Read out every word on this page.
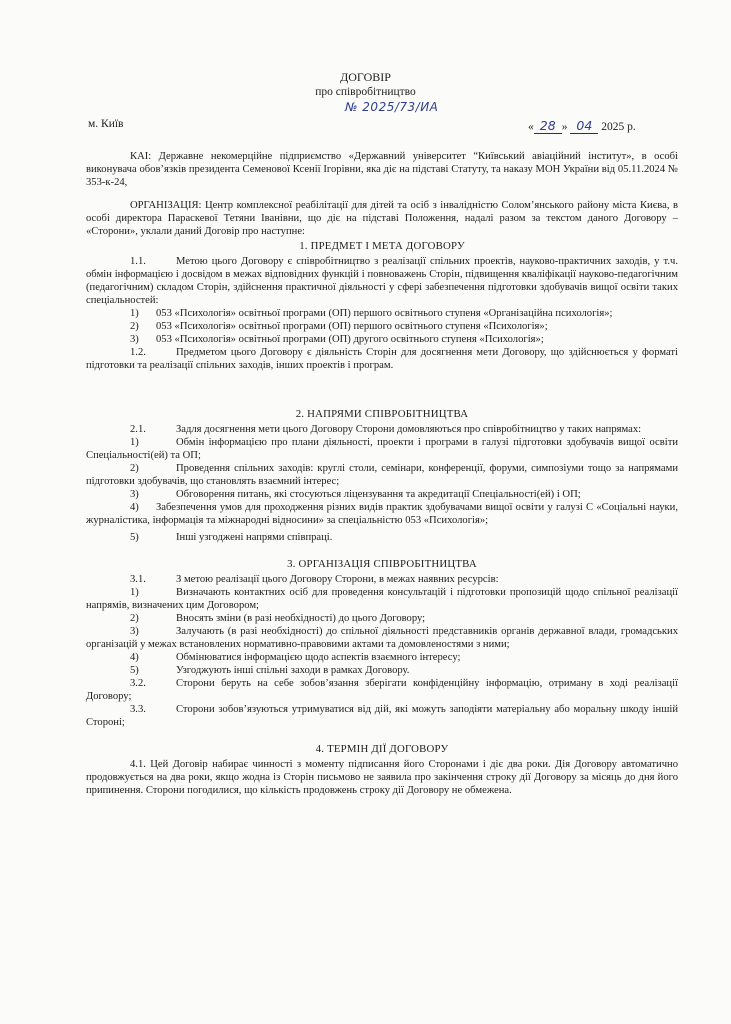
ДОГОВІР
про співробітництво
№ 2025/73/ИА
м. Київ	« 28 » 04 2025 р.

КАІ: Державне некомерційне підприємство «Державний університет “Київський авіаційний інститут», в особі виконувача обов’язків президента Семенової Ксенії Ігорівни, яка діє на підставі Статуту, та наказу МОН України від 05.11.2024 № 353-к-24,

ОРГАНІЗАЦІЯ: Центр комплексної реабілітації для дітей та осіб з інвалідністю Солом’янського району міста Києва, в особі директора Параскевої Тетяни Іванівни, що діє на підставі Положення, надалі разом за текстом даного Договору – «Сторони», уклали даний Договір про наступне:

1. ПРЕДМЕТ І МЕТА ДОГОВОРУ

1.1.	Метою цього Договору є співробітництво з реалізації спільних проектів, науково-практичних заходів, у т.ч. обмін інформацією і досвідом в межах відповідних функцій і повноважень Сторін, підвищення кваліфікації науково-педагогічним (педагогічним) складом Сторін, здійснення практичної діяльності у сфері забезпечення підготовки здобувачів вищої освіти таких спеціальностей:

1) 053 «Психологія» освітньої програми (ОП) першого освітнього ступеня «Організаційна психологія»;

2) 053 «Психологія» освітньої програми (ОП) першого освітнього ступеня «Психологія»;

3) 053 «Психологія» освітньої програми (ОП) другого освітнього ступеня «Психологія»;

1.2.	Предметом цього Договору є діяльність Сторін для досягнення мети Договору, що здійснюється у форматі підготовки та реалізації спільних заходів, інших проектів і програм.

2. НАПРЯМИ СПІВРОБІТНИЦТВА

2.1.	Задля досягнення мети цього Договору Сторони домовляються про співробітництво у таких напрямах:

1)	Обмін інформацією про плани діяльності, проекти і програми в галузі підготовки здобувачів вищої освіти Спеціальності(ей) та ОП;

2)	Проведення спільних заходів: круглі столи, семінари, конференції, форуми, симпозіуми тощо за напрямами підготовки здобувачів, що становлять взаємний інтерес;

3)	Обговорення питань, які стосуються ліцензування та акредитації Спеціальності(ей) і ОП;

4) Забезпечення умов для проходження різних видів практик здобувачами вищої освіти у галузі С «Соціальні науки, журналістика, інформація та міжнародні відносини» за спеціальністю 053 «Психологія»;

5)	Інші узгоджені напрями співпраці.

3. ОРГАНІЗАЦІЯ СПІВРОБІТНИЦТВА

3.1.	З метою реалізації цього Договору Сторони, в межах наявних ресурсів:

1)	Визначають контактних осіб для проведення консультацій і підготовки пропозицій щодо спільної реалізації напрямів, визначених цим Договором;

2)	Вносять зміни (в разі необхідності) до цього Договору;

3)	Залучають (в разі необхідності) до спільної діяльності представників органів державної влади, громадських організацій у межах встановлених нормативно-правовими актами та домовленостями з ними;

4)	Обмінюватися інформацією щодо аспектів взаємного інтересу;

5)	Узгоджують інші спільні заходи в рамках Договору.

3.2.	Сторони беруть на себе зобов’язання зберігати конфіденційну інформацію, отриману в ході реалізації Договору;

3.3.	Сторони зобов’язуються утримуватися від дій, які можуть заподіяти матеріальну або моральну шкоду іншій Стороні;

4. ТЕРМІН ДІЇ ДОГОВОРУ

4.1. Цей Договір набирає чинності з моменту підписання його Сторонами і діє два роки. Дія Договору автоматично продовжується на два роки, якщо жодна із Сторін письмово не заявила про закінчення строку дії Договору за місяць до дня його припинення. Сторони погодилися, що кількість продовжень строку дії Договору не обмежена.
